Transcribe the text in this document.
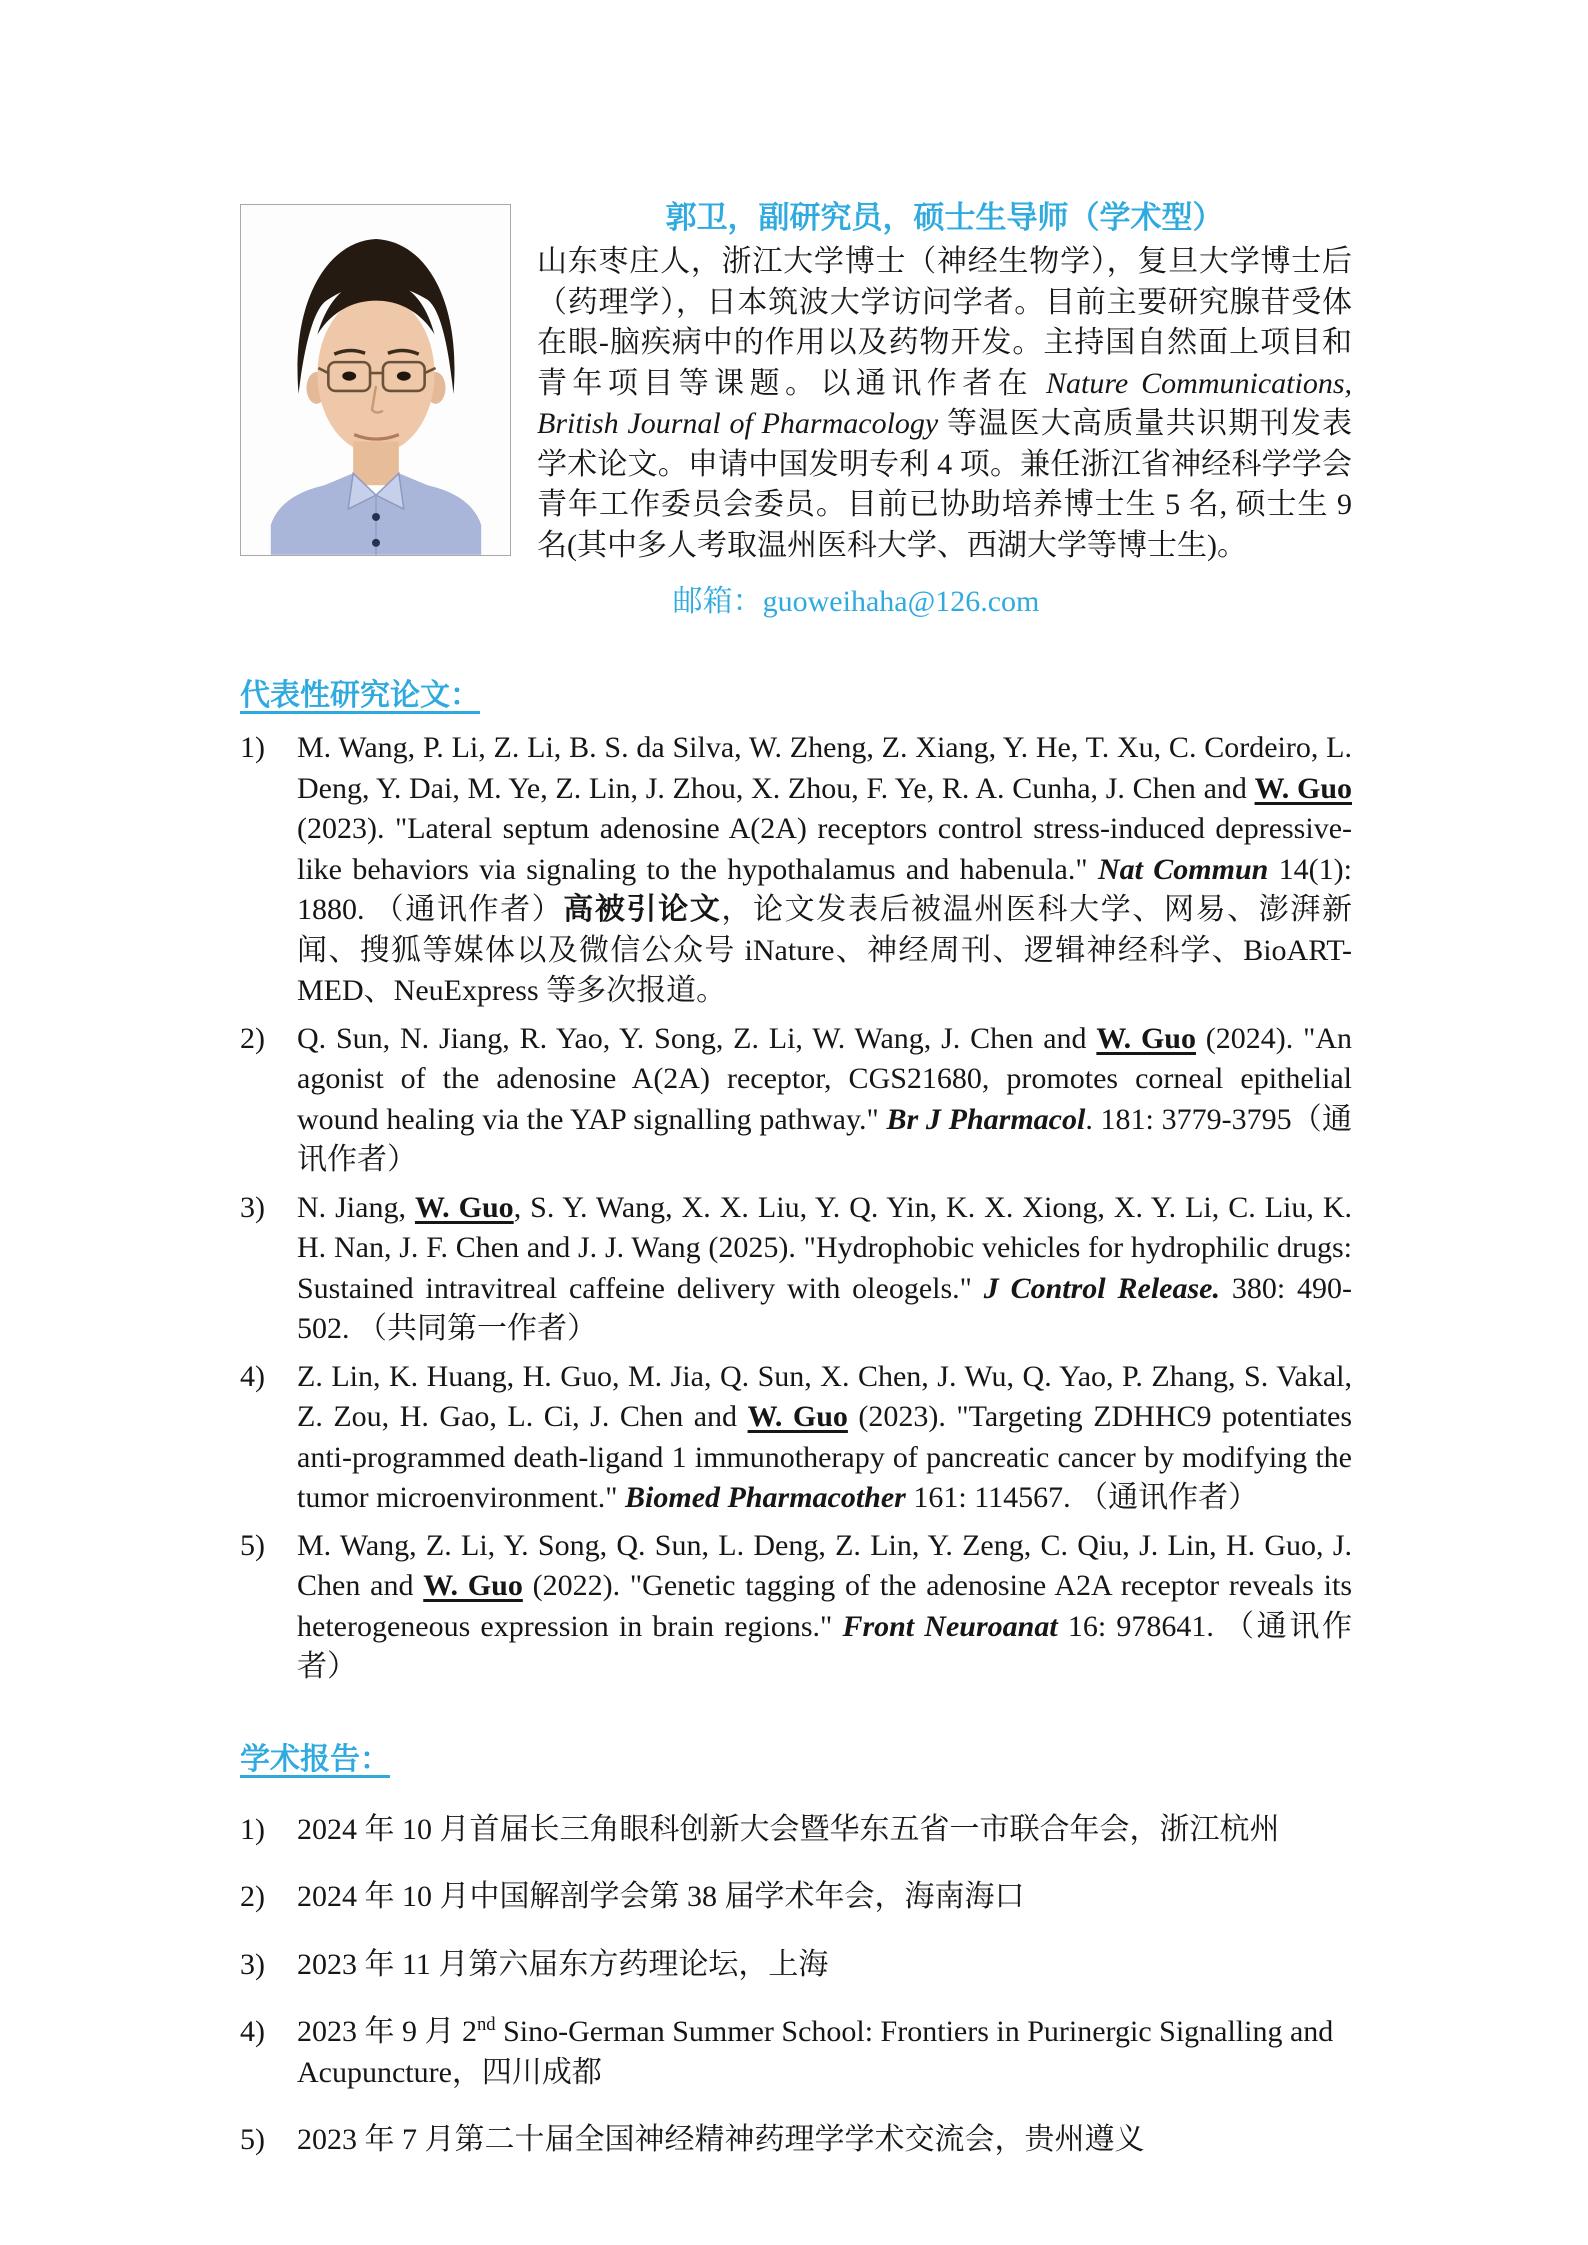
郭卫，副研究员，硕士生导师（学术型）

山东枣庄人，浙江大学博士（神经生物学），复旦大学博士后（药理学），日本筑波大学访问学者。目前主要研究腺苷受体在眼-脑疾病中的作用以及药物开发。主持国自然面上项目和青年项目等课题。以通讯作者在 Nature Communications, British Journal of Pharmacology 等温医大高质量共识期刊发表学术论文。申请中国发明专利 4 项。兼任浙江省神经科学学会青年工作委员会委员。目前已协助培养博士生 5 名, 硕士生 9 名(其中多人考取温州医科大学、西湖大学等博士生)。

邮箱：guoweihaha@126.com
代表性研究论文：
1)	M. Wang, P. Li, Z. Li, B. S. da Silva, W. Zheng, Z. Xiang, Y. He, T. Xu, C. Cordeiro, L. Deng, Y. Dai, M. Ye, Z. Lin, J. Zhou, X. Zhou, F. Ye, R. A. Cunha, J. Chen and W. Guo (2023). "Lateral septum adenosine A(2A) receptors control stress-induced depressive-like behaviors via signaling to the hypothalamus and habenula." Nat Commun 14(1): 1880. （通讯作者）高被引论文，论文发表后被温州医科大学、网易、澎湃新闻、搜狐等媒体以及微信公众号 iNature、神经周刊、逻辑神经科学、BioART-MED、NeuExpress 等多次报道。
2)	Q. Sun, N. Jiang, R. Yao, Y. Song, Z. Li, W. Wang, J. Chen and W. Guo (2024). "An agonist of the adenosine A(2A) receptor, CGS21680, promotes corneal epithelial wound healing via the YAP signalling pathway." Br J Pharmacol. 181: 3779-3795（通讯作者）
3)	N. Jiang, W. Guo, S. Y. Wang, X. X. Liu, Y. Q. Yin, K. X. Xiong, X. Y. Li, C. Liu, K. H. Nan, J. F. Chen and J. J. Wang (2025). "Hydrophobic vehicles for hydrophilic drugs: Sustained intravitreal caffeine delivery with oleogels." J Control Release. 380: 490-502. （共同第一作者）
4)	Z. Lin, K. Huang, H. Guo, M. Jia, Q. Sun, X. Chen, J. Wu, Q. Yao, P. Zhang, S. Vakal, Z. Zou, H. Gao, L. Ci, J. Chen and W. Guo (2023). "Targeting ZDHHC9 potentiates anti-programmed death-ligand 1 immunotherapy of pancreatic cancer by modifying the tumor microenvironment." Biomed Pharmacother 161: 114567. （通讯作者）
5)	M. Wang, Z. Li, Y. Song, Q. Sun, L. Deng, Z. Lin, Y. Zeng, C. Qiu, J. Lin, H. Guo, J. Chen and W. Guo (2022). "Genetic tagging of the adenosine A2A receptor reveals its heterogeneous expression in brain regions." Front Neuroanat 16: 978641. （通讯作者）
学术报告：
1)	2024 年 10 月首届长三角眼科创新大会暨华东五省一市联合年会，浙江杭州
2)	2024 年 10 月中国解剖学会第 38 届学术年会，海南海口
3)	2023 年 11 月第六届东方药理论坛，上海
4)	2023 年 9 月 2nd Sino-German Summer School: Frontiers in Purinergic Signalling and Acupuncture，四川成都
5)	2023 年 7 月第二十届全国神经精神药理学学术交流会，贵州遵义
